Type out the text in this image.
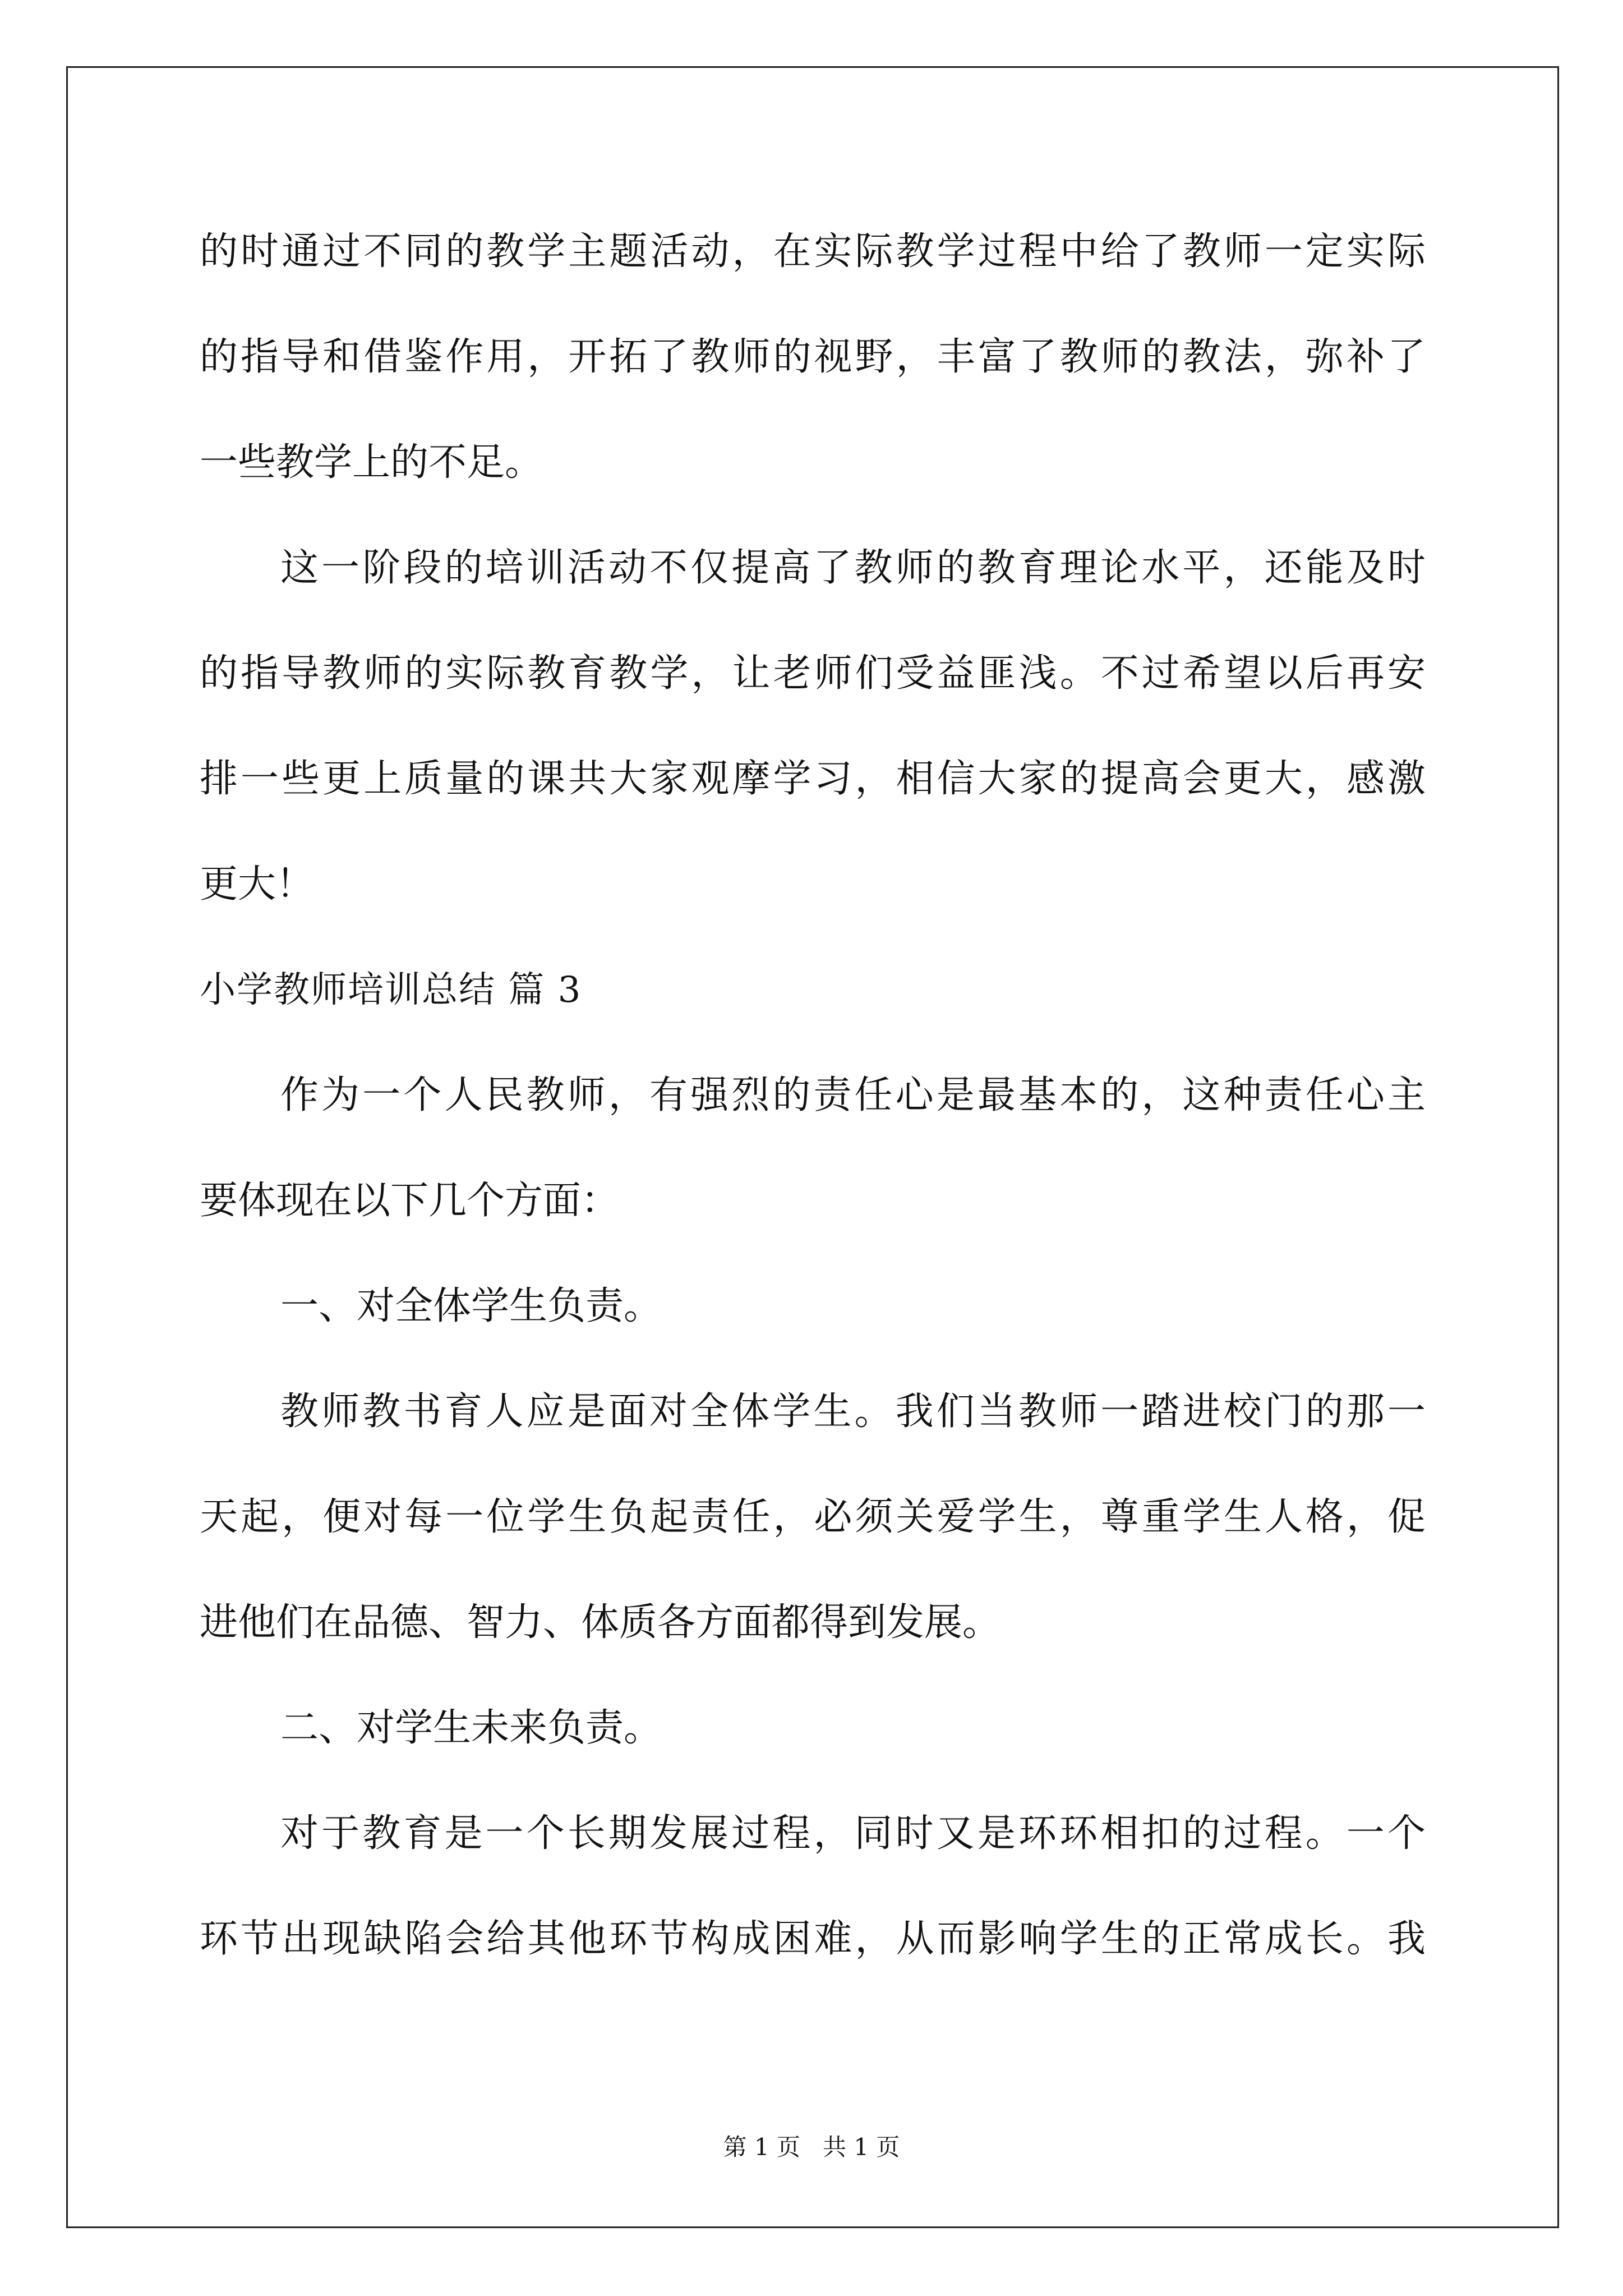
的时通过不同的教学主题活动，在实际教学过程中给了教师一定实际
的指导和借鉴作用，开拓了教师的视野，丰富了教师的教法，弥补了
一些教学上的不足。
这一阶段的培训活动不仅提高了教师的教育理论水平，还能及时
的指导教师的实际教育教学，让老师们受益匪浅。不过希望以后再安
排一些更上质量的课共大家观摩学习，相信大家的提高会更大，感激
更大！
小学教师培训总结 篇 3
作为一个人民教师，有强烈的责任心是最基本的，这种责任心主
要体现在以下几个方面：
一、对全体学生负责。
教师教书育人应是面对全体学生。我们当教师一踏进校门的那一
天起，便对每一位学生负起责任，必须关爱学生，尊重学生人格，促
进他们在品德、智力、体质各方面都得到发展。
二、对学生未来负责。
对于教育是一个长期发展过程，同时又是环环相扣的过程。一个
环节出现缺陷会给其他环节构成困难，从而影响学生的正常成长。我
第 1 页 共 1 页
